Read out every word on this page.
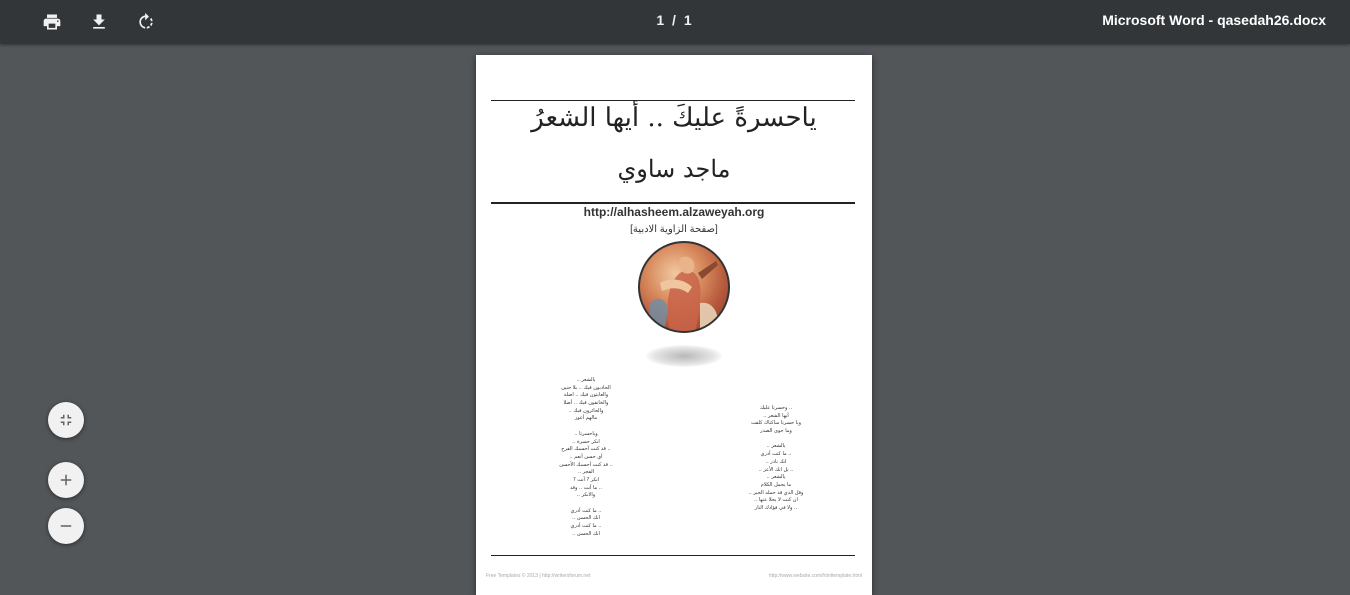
1 / 1	Microsoft Word - qasedah26.docx
ياحسرةً عليكَ .. أيها الشعرُ
ماجد ساوي
http://alhasheem.alzaweyah.org
[صفحة الزاوية الادبية]
يالشعر ..
الحادبون فيك .. بلا حنين
والعابثون فيك .. اضلة
والخانفون فيك .. أضلا
والحائرون فيك ..
مالهم أعوز
وياحسرتا ..
انكر حسرة ..
.. قد كنت أحسبك الفرح
أي حسن أنعم ..
.. قد كنت أحسبك الأحسن
الفجر ..
انكر ? أنت ?
.. ما أنت .. وقد
والانكر ..
.. ما كنت أدري
انك الحسن ..
.. ما كنت أدري
انك الحسن ..
.. وحسرتا عليك
أيها الشعر ..
ويا حسرتا ساكناك كلفت
وما حوى الصدر
يالشعر ..
.. ما كنت أدري
انك نادر ..
.. بل انك الأعز ..
يالشعر ..
ما يحمل الكلام
وقل الذي قد حمله الحبر ..
ان كنت لا يحلا عنها ..
.. ولا في فؤادك النار
Free Templates © 2013 | http://writersforum.net	http://www.website.com/htmltemplate.html
